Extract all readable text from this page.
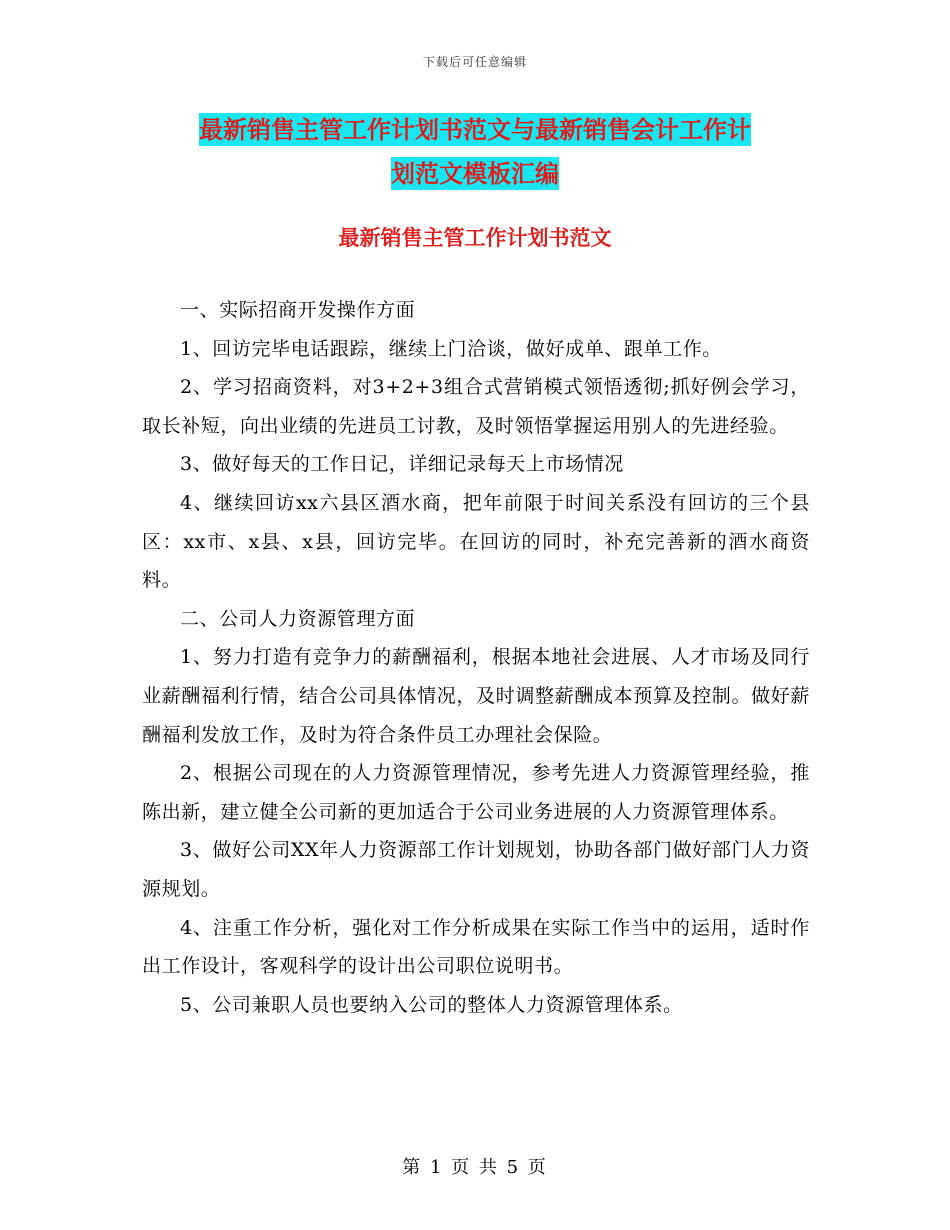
下载后可任意编辑
最新销售主管工作计划书范文与最新销售会计工作计
划范文模板汇编
最新销售主管工作计划书范文

一、实际招商开发操作方面

1、回访完毕电话跟踪，继续上门洽谈，做好成单、跟单工作。

2、学习招商资料，对3+2+3组合式营销模式领悟透彻;抓好例会学习，取长补短，向出业绩的先进员工讨教，及时领悟掌握运用别人的先进经验。

3、做好每天的工作日记，详细记录每天上市场情况

4、继续回访xx六县区酒水商，把年前限于时间关系没有回访的三个县区：xx市、x县、x县，回访完毕。在回访的同时，补充完善新的酒水商资料。

二、公司人力资源管理方面

1、努力打造有竞争力的薪酬福利，根据本地社会进展、人才市场及同行业薪酬福利行情，结合公司具体情况，及时调整薪酬成本预算及控制。做好薪酬福利发放工作，及时为符合条件员工办理社会保险。

2、根据公司现在的人力资源管理情况，参考先进人力资源管理经验，推陈出新，建立健全公司新的更加适合于公司业务进展的人力资源管理体系。

3、做好公司XX年人力资源部工作计划规划，协助各部门做好部门人力资源规划。

4、注重工作分析，强化对工作分析成果在实际工作当中的运用，适时作出工作设计，客观科学的设计出公司职位说明书。

5、公司兼职人员也要纳入公司的整体人力资源管理体系。

第 1 页 共 5 页
